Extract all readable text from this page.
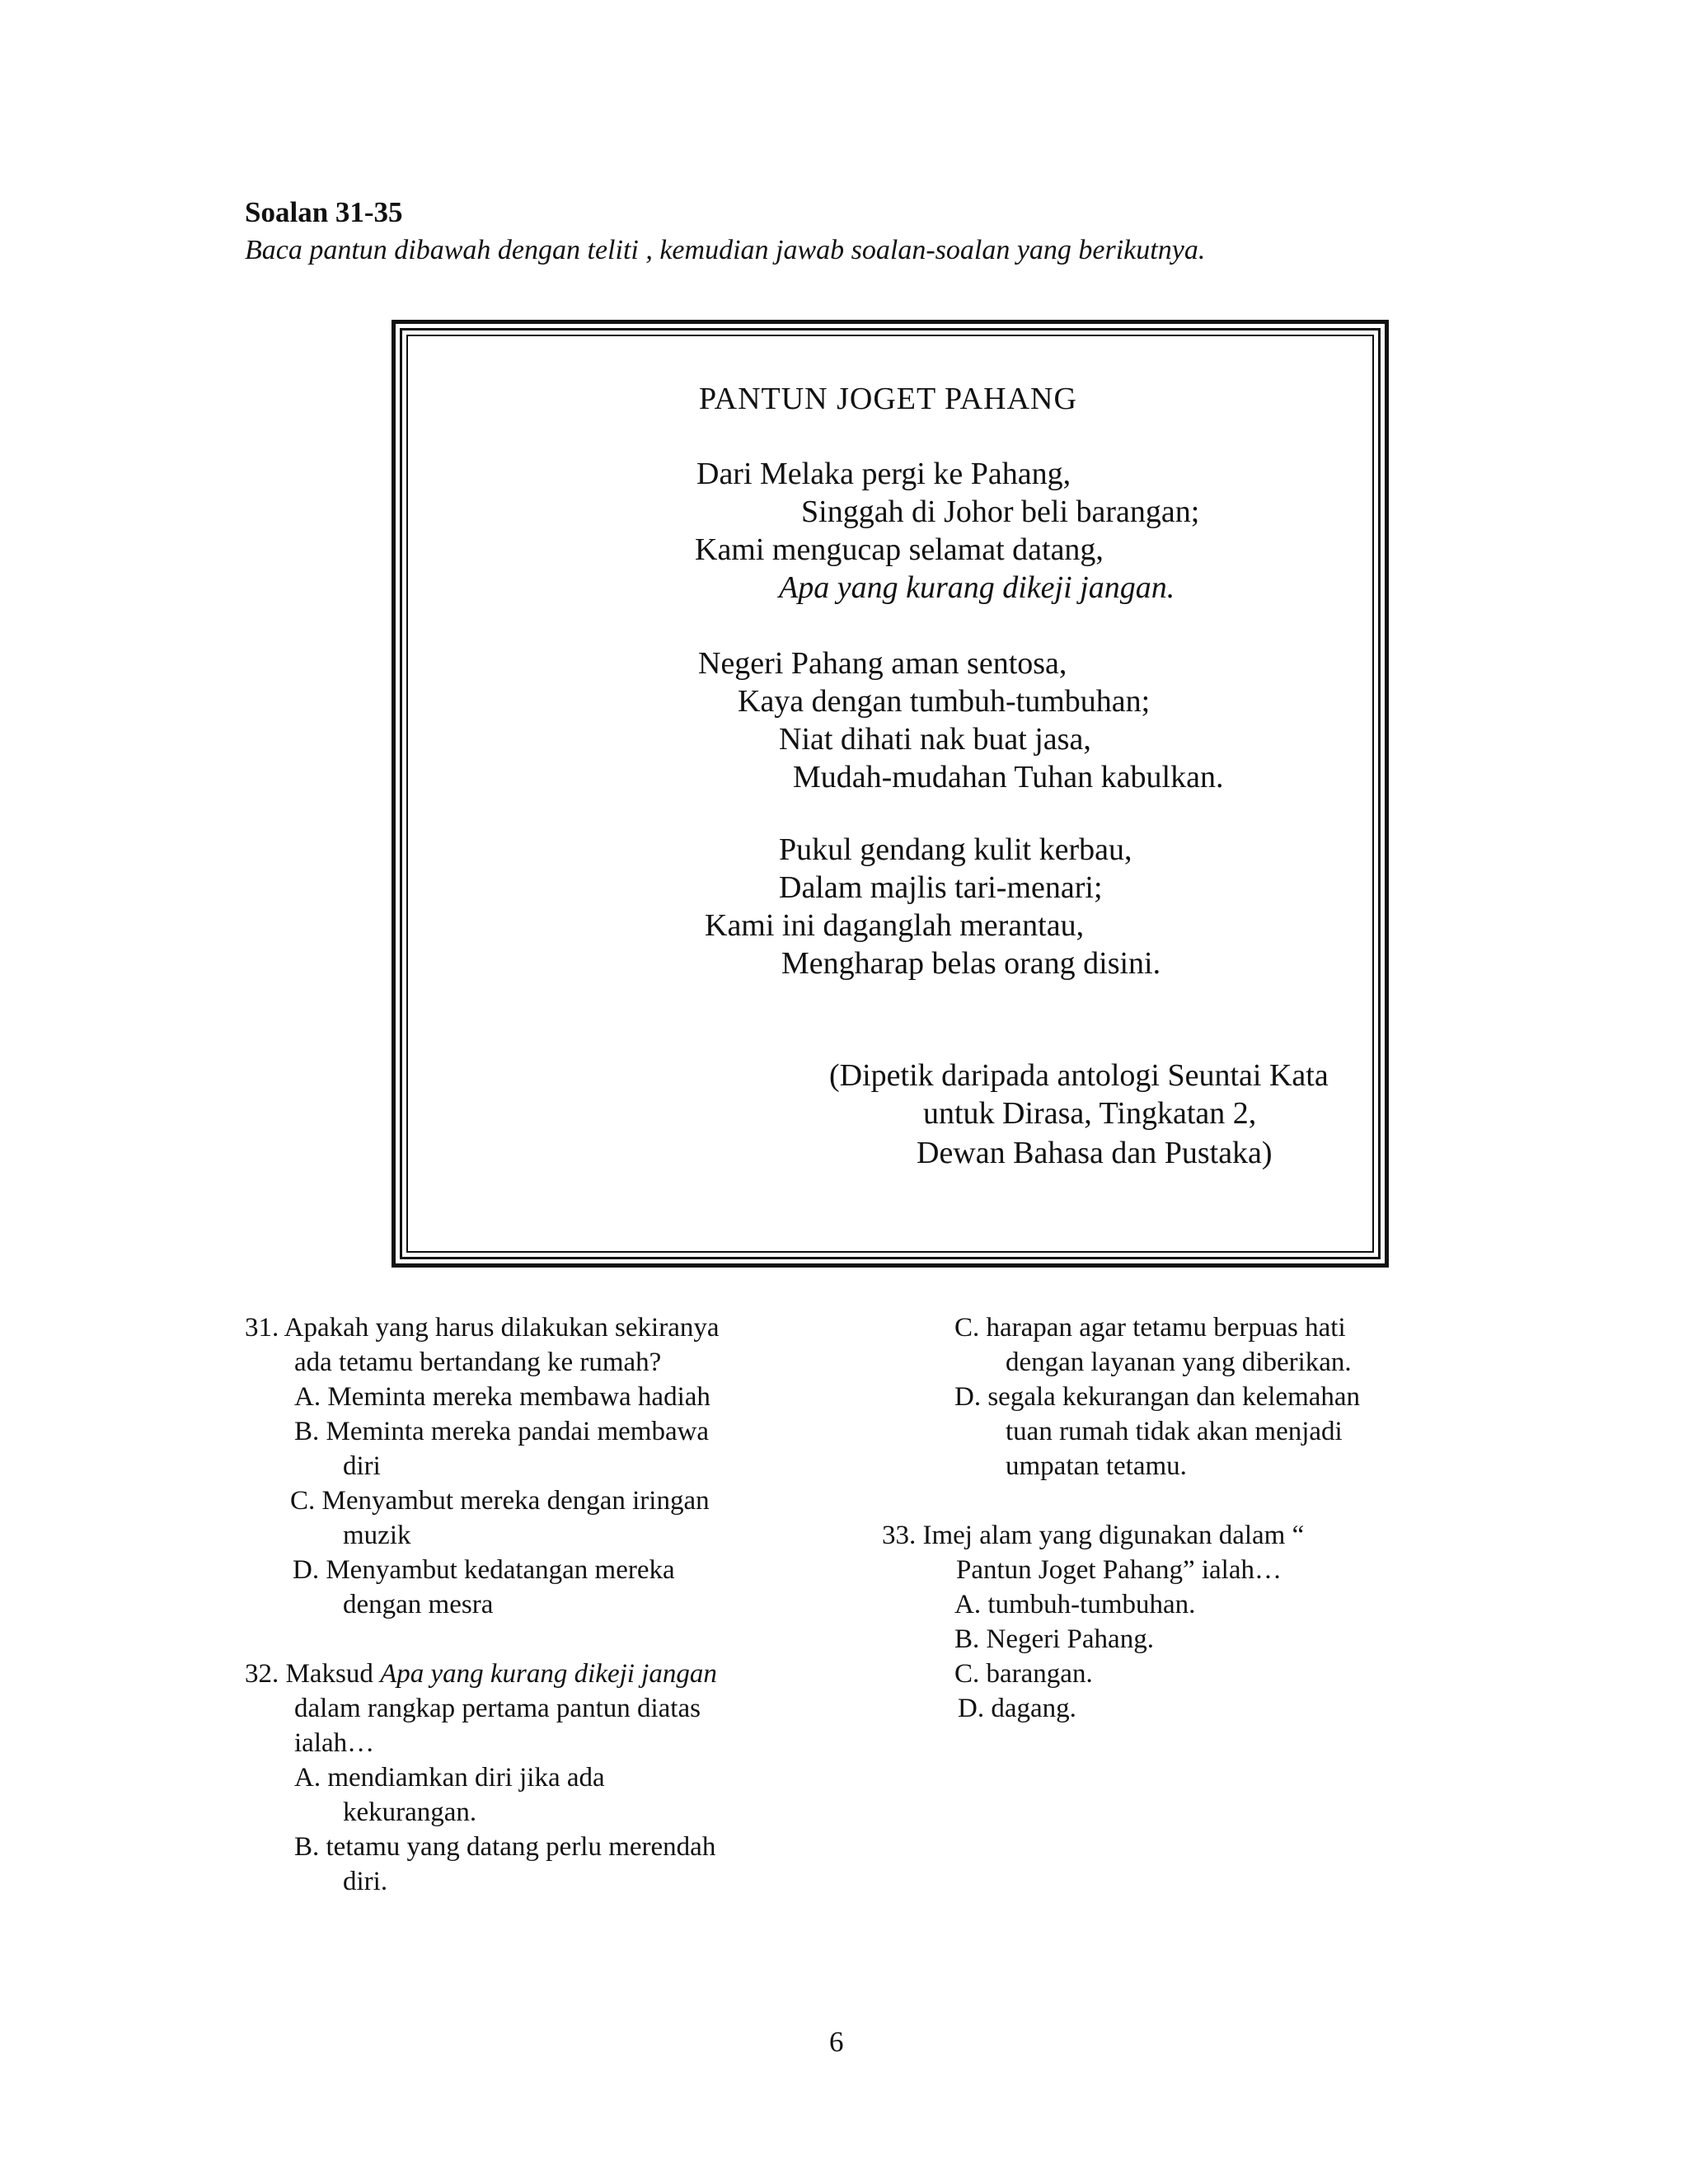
Soalan 31-35
Baca pantun dibawah dengan teliti , kemudian jawab soalan-soalan yang berikutnya.
PANTUN JOGET PAHANG
Dari Melaka pergi ke Pahang,
Singgah di Johor beli barangan;
Kami mengucap selamat datang,
Apa yang kurang dikeji jangan.
Negeri Pahang aman sentosa,
Kaya dengan tumbuh-tumbuhan;
Niat dihati nak buat jasa,
Mudah-mudahan Tuhan kabulkan.
Pukul gendang kulit kerbau,
Dalam majlis tari-menari;
Kami ini daganglah merantau,
Mengharap belas orang disini.
(Dipetik daripada antologi Seuntai Kata
untuk Dirasa, Tingkatan 2,
Dewan Bahasa dan Pustaka)
31. Apakah yang harus dilakukan sekiranya
ada tetamu bertandang ke rumah?
A. Meminta mereka membawa hadiah
B. Meminta mereka pandai membawa
diri
C. Menyambut mereka dengan iringan
muzik
D. Menyambut kedatangan mereka
dengan mesra
32. Maksud Apa yang kurang dikeji jangan
dalam rangkap pertama pantun diatas
ialah…
A. mendiamkan diri jika ada
kekurangan.
B. tetamu yang datang perlu merendah
diri.
C. harapan agar tetamu berpuas hati
dengan layanan yang diberikan.
D. segala kekurangan dan kelemahan
tuan rumah tidak akan menjadi
umpatan tetamu.
33. Imej alam yang digunakan dalam “
Pantun Joget Pahang” ialah…
A. tumbuh-tumbuhan.
B. Negeri Pahang.
C. barangan.
D. dagang.
6
